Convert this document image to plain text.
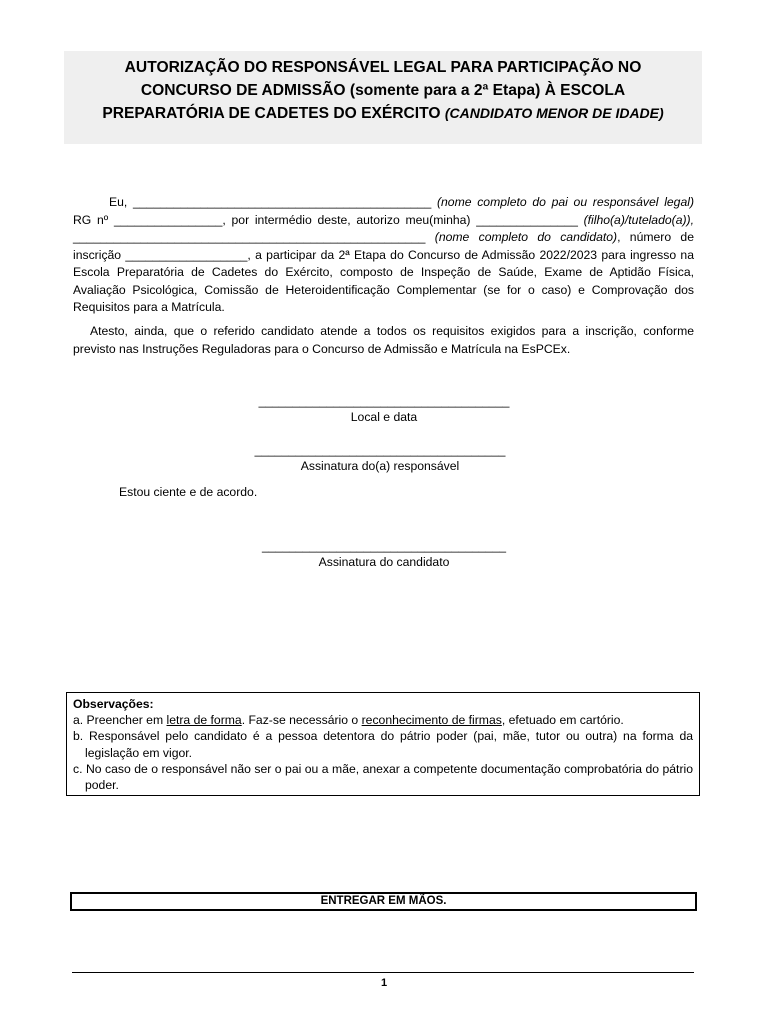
AUTORIZAÇÃO DO RESPONSÁVEL LEGAL PARA PARTICIPAÇÃO NO CONCURSO DE ADMISSÃO (somente para a 2ª Etapa) À ESCOLA PREPARATÓRIA DE CADETES DO EXÉRCITO (CANDIDATO MENOR DE IDADE)

Eu, ____________________________________________ (nome completo do pai ou responsável legal) RG nº ________________, por intermédio deste, autorizo meu(minha) _______________ (filho(a)/tutelado(a)), ____________________________________________________ (nome completo do candidato), número de inscrição __________________, a participar da 2ª Etapa do Concurso de Admissão 2022/2023 para ingresso na Escola Preparatória de Cadetes do Exército, composto de Inspeção de Saúde, Exame de Aptidão Física, Avaliação Psicológica, Comissão de Heteroidentificação Complementar (se for o caso) e Comprovação dos Requisitos para a Matrícula.

Atesto, ainda, que o referido candidato atende a todos os requisitos exigidos para a inscrição, conforme previsto nas Instruções Reguladoras para o Concurso de Admissão e Matrícula na EsPCEx.

_____________________________________
Local e data
_____________________________________
Assinatura do(a) responsável
Estou ciente e de acordo.
____________________________________
Assinatura do candidato
Observações:
a. Preencher em letra de forma. Faz-se necessário o reconhecimento de firmas, efetuado em cartório.
b. Responsável pelo candidato é a pessoa detentora do pátrio poder (pai, mãe, tutor ou outra) na forma da legislação em vigor.
c. No caso de o responsável não ser o pai ou a mãe, anexar a competente documentação comprobatória do pátrio poder.
ENTREGAR EM MÃOS.
1
